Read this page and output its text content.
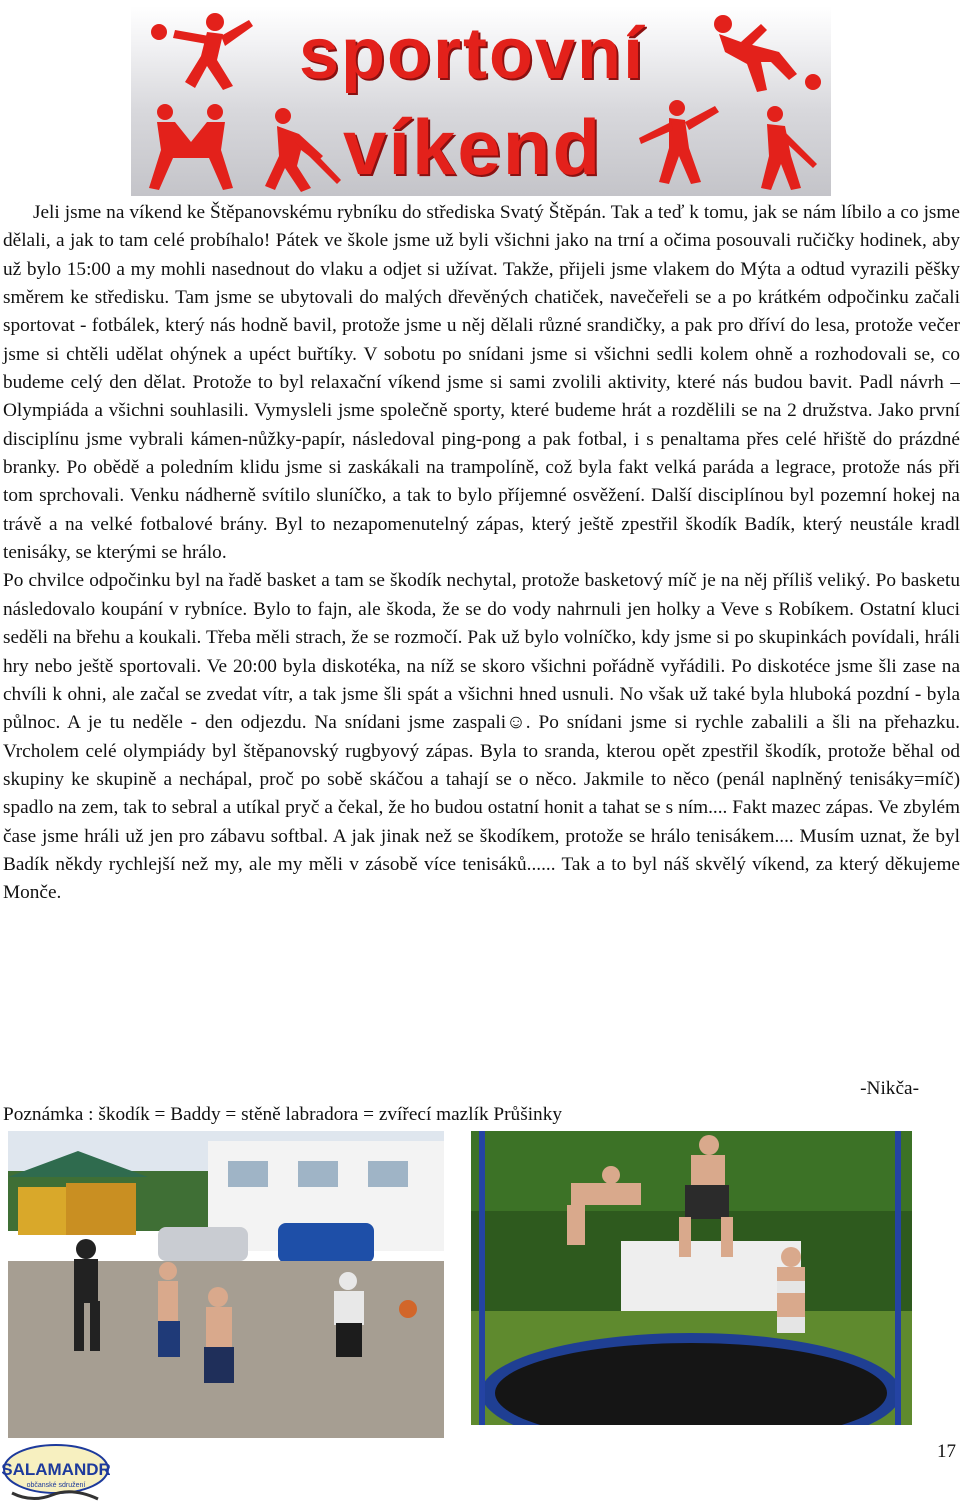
sportovní
víkend

Jeli jsme na víkend ke Štěpanovskému rybníku do střediska Svatý Štěpán. Tak a teď k tomu, jak se nám líbilo a co jsme dělali, a jak to tam celé probíhalo! Pátek ve škole jsme už byli všichni jako na trní a očima posouvali ručičky hodinek, aby už bylo 15:00 a my mohli nasednout do vlaku a odjet si užívat. Takže, přijeli jsme vlakem do Mýta a odtud vyrazili pěšky směrem ke středisku. Tam jsme se ubytovali do malých dřevěných chatiček, navečeřeli se a po krátkém odpočinku začali sportovat - fotbálek, který nás hodně bavil, protože jsme u něj dělali různé srandičky, a pak pro dříví do lesa, protože večer jsme si chtěli udělat ohýnek a upéct buřtíky. V sobotu po snídani jsme si všichni sedli kolem ohně a rozhodovali se, co budeme celý den dělat. Protože to byl relaxační víkend jsme si sami zvolili aktivity, které nás budou bavit. Padl návrh – Olympiáda a všichni souhlasili. Vymysleli jsme společně sporty, které budeme hrát a rozdělili se na 2 družstva. Jako první disciplínu jsme vybrali kámen-nůžky-papír, následoval ping-pong a pak fotbal, i s penaltama přes celé hřiště do prázdné branky. Po obědě a poledním klidu jsme si zaskákali na trampolíně, což byla fakt velká paráda a legrace, protože nás při tom sprchovali. Venku nádherně svítilo sluníčko, a tak to bylo příjemné osvěžení. Další disciplínou byl pozemní hokej na trávě a na velké fotbalové brány. Byl to nezapomenutelný zápas, který ještě zpestřil škodík Badík, který neustále kradl tenisáky, se kterými se hrálo.

Po chvilce odpočinku byl na řadě basket a tam se škodík nechytal, protože basketový míč je na něj příliš veliký. Po basketu následovalo koupání v rybníce. Bylo to fajn, ale škoda, že se do vody nahrnuli jen holky a Veve s Robíkem. Ostatní kluci seděli na břehu a koukali. Třeba měli strach, že se rozmočí. Pak už bylo volníčko, kdy jsme si po skupinkách povídali, hráli hry nebo ještě sportovali. Ve 20:00 byla diskotéka, na níž se skoro všichni pořádně vyřádili. Po diskotéce jsme šli zase na chvíli k ohni, ale začal se zvedat vítr, a tak jsme šli spát a všichni hned usnuli. No však už také byla hluboká pozdní - byla půlnoc. A je tu neděle - den odjezdu. Na snídani jsme zaspali☺. Po snídani jsme si rychle zabalili a šli na přehazku. Vrcholem celé olympiády byl štěpanovský rugbyový zápas. Byla to sranda, kterou opět zpestřil škodík, protože běhal od skupiny ke skupině a nechápal, proč po sobě skáčou a tahají se o něco. Jakmile to něco (penál naplněný tenisáky=míč) spadlo na zem, tak to sebral a utíkal pryč a čekal, že ho budou ostatní honit a tahat se s ním.... Fakt mazec zápas. Ve zbylém čase jsme hráli už jen pro zábavu softbal. A jak jinak než se škodíkem, protože se hrálo tenisákem.... Musím uznat, že byl Badík někdy rychlejší než my, ale my měli v zásobě více tenisáků...... Tak a to byl náš skvělý víkend, za který děkujeme Monče.

-Nikča-
Poznámka : škodík = Baddy = stěně labradora = zvířecí mazlík Průšinky
SALAMANDR
občanské sdružení
17
